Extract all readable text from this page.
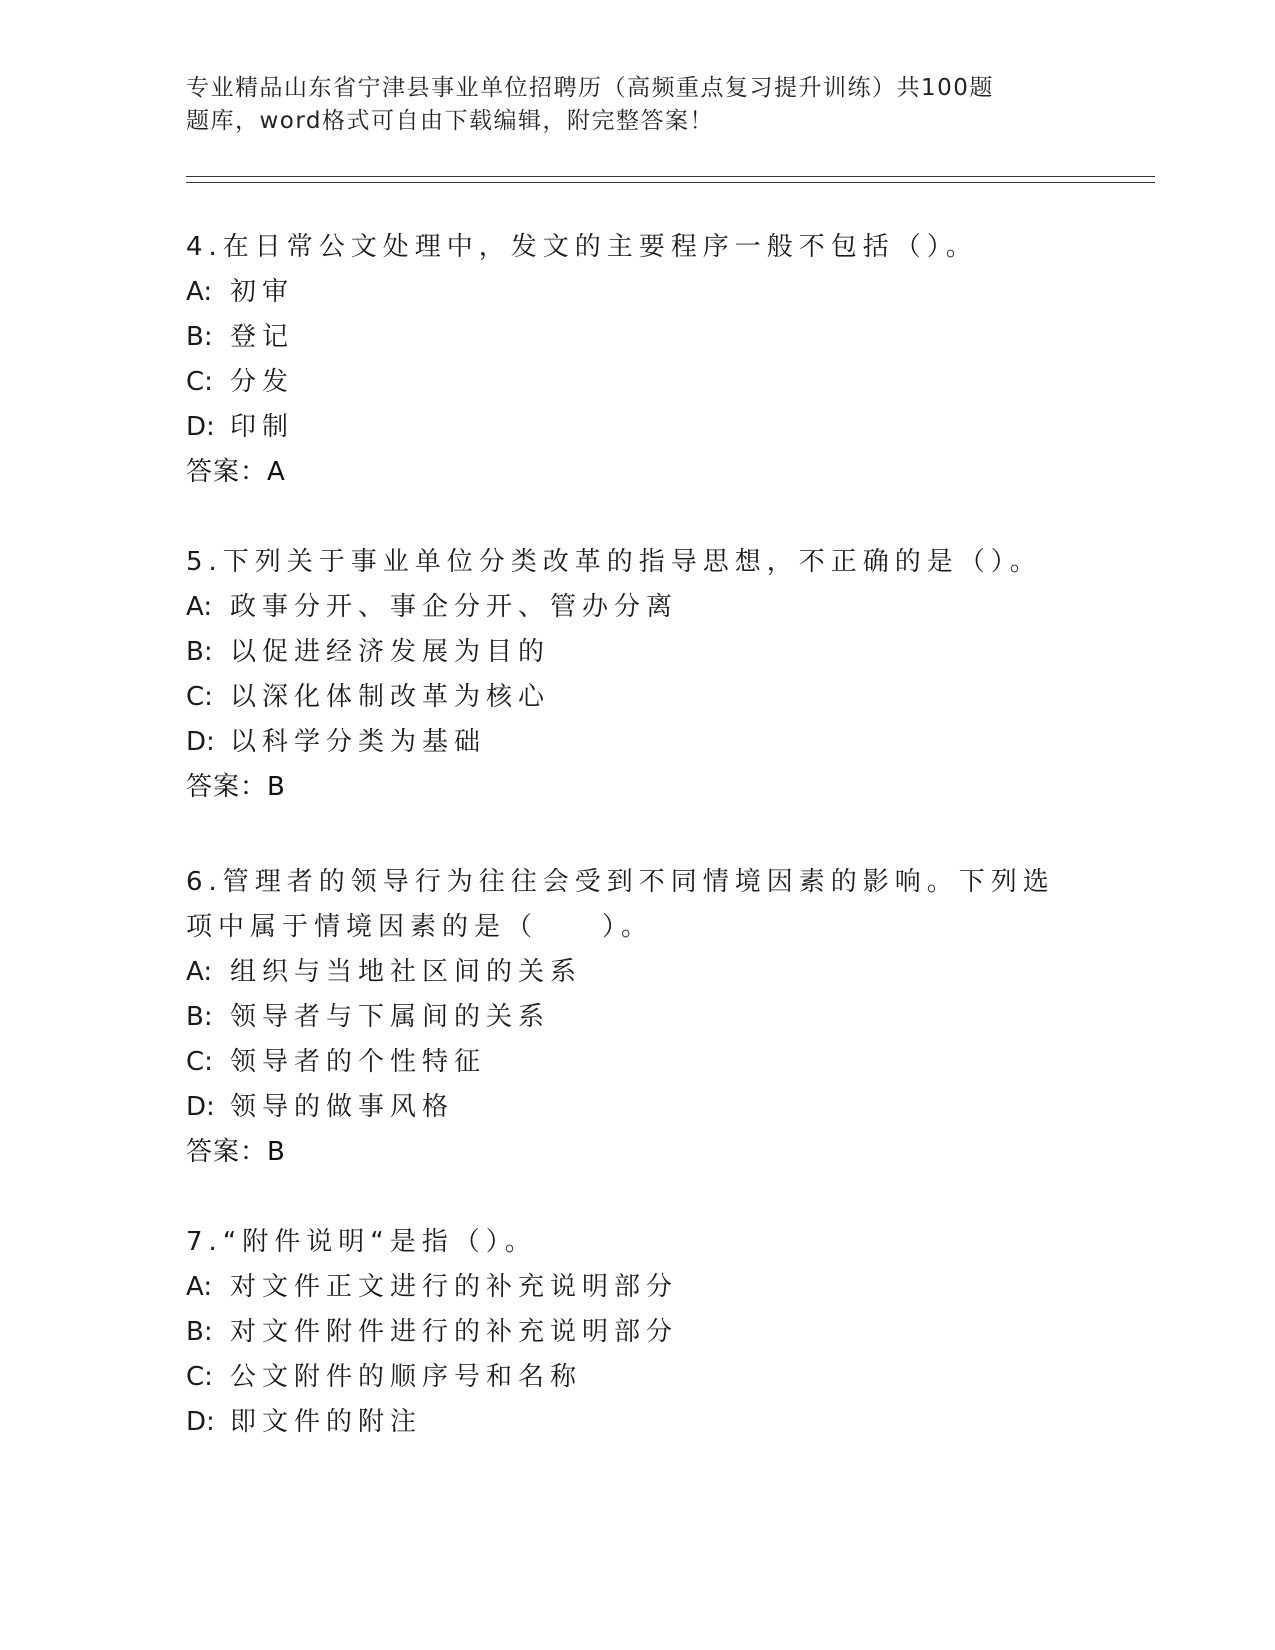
专业精品山东省宁津县事业单位招聘历（高频重点复习提升训练）共100题
题库，word格式可自由下载编辑，附完整答案！
4.在日常公文处理中，发文的主要程序一般不包括（）。
A: 初审
B: 登记
C: 分发
D: 印制
答案：A
5.下列关于事业单位分类改革的指导思想，不正确的是（）。
A: 政事分开、事企分开、管办分离
B: 以促进经济发展为目的
C: 以深化体制改革为核心
D: 以科学分类为基础
答案：B
6.管理者的领导行为往往会受到不同情境因素的影响。下列选项中属于情境因素的是（　　）。
A: 组织与当地社区间的关系
B: 领导者与下属间的关系
C: 领导者的个性特征
D: 领导的做事风格
答案：B
7.“附件说明“是指（）。
A: 对文件正文进行的补充说明部分
B: 对文件附件进行的补充说明部分
C: 公文附件的顺序号和名称
D: 即文件的附注
